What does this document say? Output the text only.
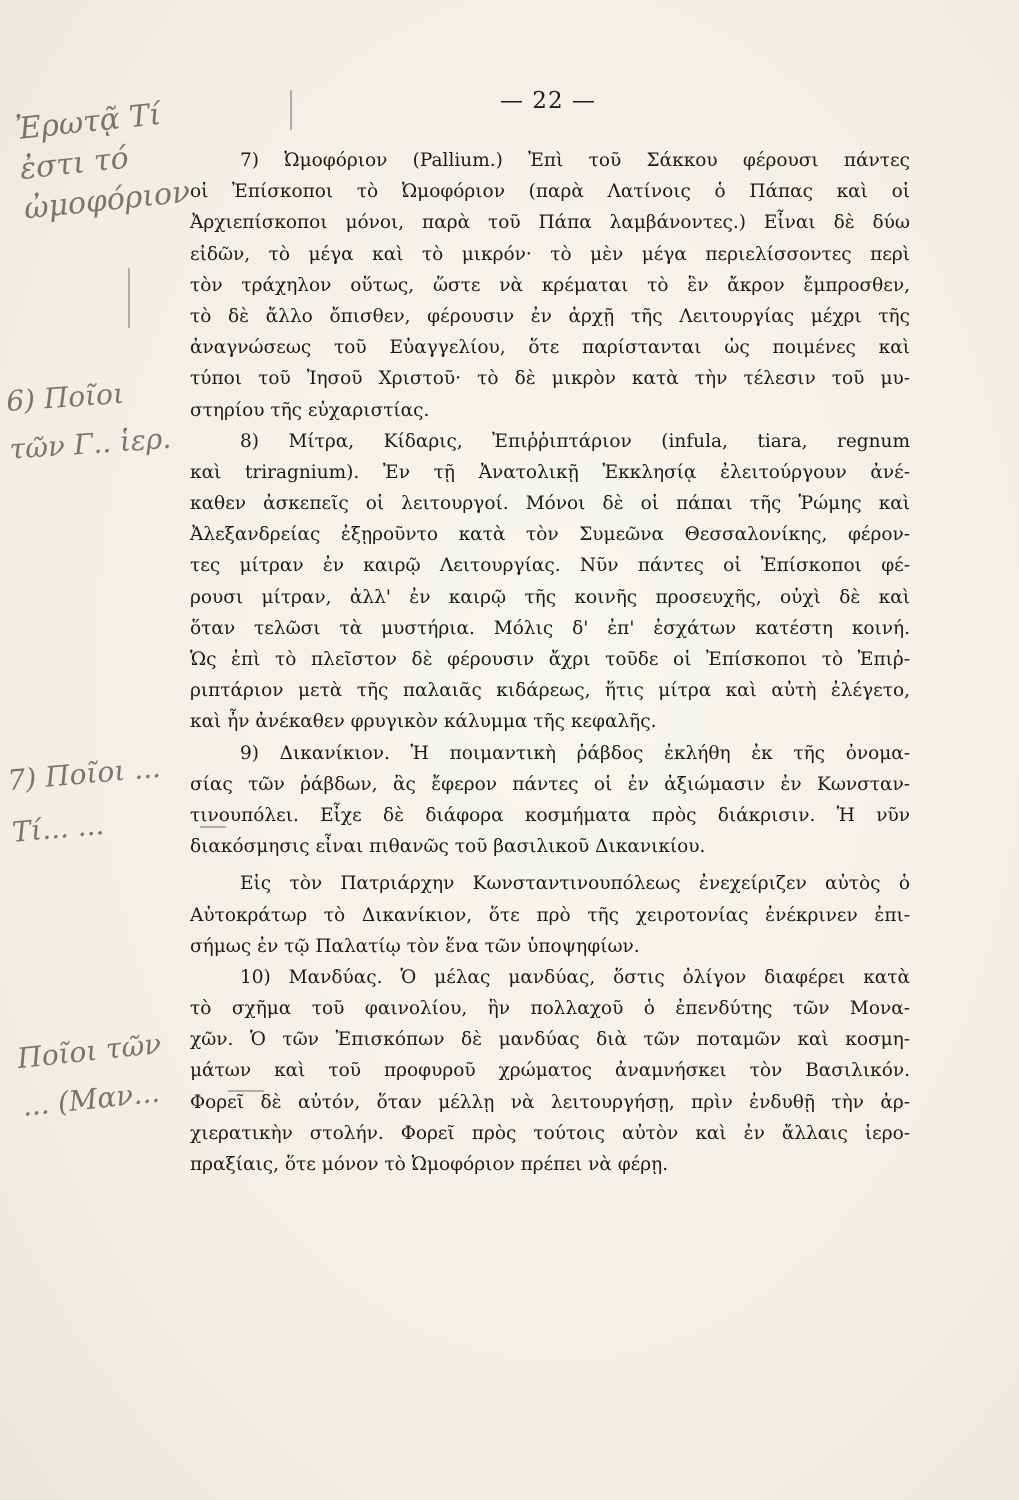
— 22 —
7) Ὠμοφόριον (Pallium.) Ἐπὶ τοῦ Σάκκου φέρουσι πάντες
οἱ Ἐπίσκοποι τὸ Ὠμοφόριον (παρὰ Λατίνοις ὁ Πάπας καὶ οἱ
Ἀρχιεπίσκοποι μόνοι, παρὰ τοῦ Πάπα λαμβάνοντες.) Εἶναι δὲ δύω
εἰδῶν, τὸ μέγα καὶ τὸ μικρόν· τὸ μὲν μέγα περιελίσσοντες περὶ
τὸν τράχηλον οὕτως, ὥστε νὰ κρέμαται τὸ ἓν ἄκρον ἔμπροσθεν,
τὸ δὲ ἄλλο ὄπισθεν, φέρουσιν ἐν ἀρχῇ τῆς Λειτουργίας μέχρι τῆς
ἀναγνώσεως τοῦ Εὐαγγελίου, ὅτε παρίστανται ὡς ποιμένες καὶ
τύποι τοῦ Ἰησοῦ Χριστοῦ· τὸ δὲ μικρὸν κατὰ τὴν τέλεσιν τοῦ μυ-
στηρίου τῆς εὐχαριστίας.
8) Μίτρα, Κίδαρις, Ἐπιῤῥιπτάριον (infula, tiara, regnum
καὶ triragnium). Ἐν τῇ Ἀνατολικῇ Ἐκκλησίᾳ ἐλειτούργουν ἀνέ-
καθεν ἀσκεπεῖς οἱ λειτουργοί. Μόνοι δὲ οἱ πάπαι τῆς Ῥώμης καὶ
Ἀλεξανδρείας ἐξῃροῦντο κατὰ τὸν Συμεῶνα Θεσσαλονίκης, φέρον-
τες μίτραν ἐν καιρῷ Λειτουργίας. Νῦν πάντες οἱ Ἐπίσκοποι φέ-
ρουσι μίτραν, ἀλλ' ἐν καιρῷ τῆς κοινῆς προσευχῆς, οὐχὶ δὲ καὶ
ὅταν τελῶσι τὰ μυστήρια. Μόλις δ' ἐπ' ἐσχάτων κατέστη κοινή.
Ὡς ἐπὶ τὸ πλεῖστον δὲ φέρουσιν ἄχρι τοῦδε οἱ Ἐπίσκοποι τὸ Ἐπιῤ-
ριπτάριον μετὰ τῆς παλαιᾶς κιδάρεως, ἥτις μίτρα καὶ αὐτὴ ἐλέγετο,
καὶ ἦν ἀνέκαθεν φρυγικὸν κάλυμμα τῆς κεφαλῆς.
9) Δικανίκιον. Ἡ ποιμαντικὴ ῥάβδος ἐκλήθη ἐκ τῆς ὀνομα-
σίας τῶν ῥάβδων, ἃς ἔφερον πάντες οἱ ἐν ἀξιώμασιν ἐν Κωνσταν-
τινουπόλει. Εἶχε δὲ διάφορα κοσμήματα πρὸς διάκρισιν. Ἡ νῦν
διακόσμησις εἶναι πιθανῶς τοῦ βασιλικοῦ Δικανικίου.
Εἰς τὸν Πατριάρχην Κωνσταντινουπόλεως ἐνεχείριζεν αὐτὸς ὁ
Αὐτοκράτωρ τὸ Δικανίκιον, ὅτε πρὸ τῆς χειροτονίας ἐνέκρινεν ἐπι-
σήμως ἐν τῷ Παλατίῳ τὸν ἕνα τῶν ὑποψηφίων.
10) Μανδύας. Ὁ μέλας μανδύας, ὅστις ὀλίγον διαφέρει κατὰ
τὸ σχῆμα τοῦ φαινολίου, ἣν πολλαχοῦ ὁ ἐπενδύτης τῶν Μονα-
χῶν. Ὁ τῶν Ἐπισκόπων δὲ μανδύας διὰ τῶν ποταμῶν καὶ κοσμη-
μάτων καὶ τοῦ προφυροῦ χρώματος ἀναμνήσκει τὸν Βασιλικόν.
Φορεῖ δὲ αὐτόν, ὅταν μέλλῃ νὰ λειτουργήσῃ, πρὶν ἐνδυθῇ τὴν ἀρ-
χιερατικὴν στολήν. Φορεῖ πρὸς τούτοις αὐτὸν καὶ ἐν ἄλλαις ἱερο-
πραξίαις, ὅτε μόνον τὸ Ὠμοφόριον πρέπει νὰ φέρῃ.
Ἐρωτᾷ Τί ἐστι τό ὠμοφόριον
6) Ποῖοι τῶν Γ.. ἱερ.
7) Ποῖοι ... Τί... ...
Ποῖοι τῶν ... (Μαν...
